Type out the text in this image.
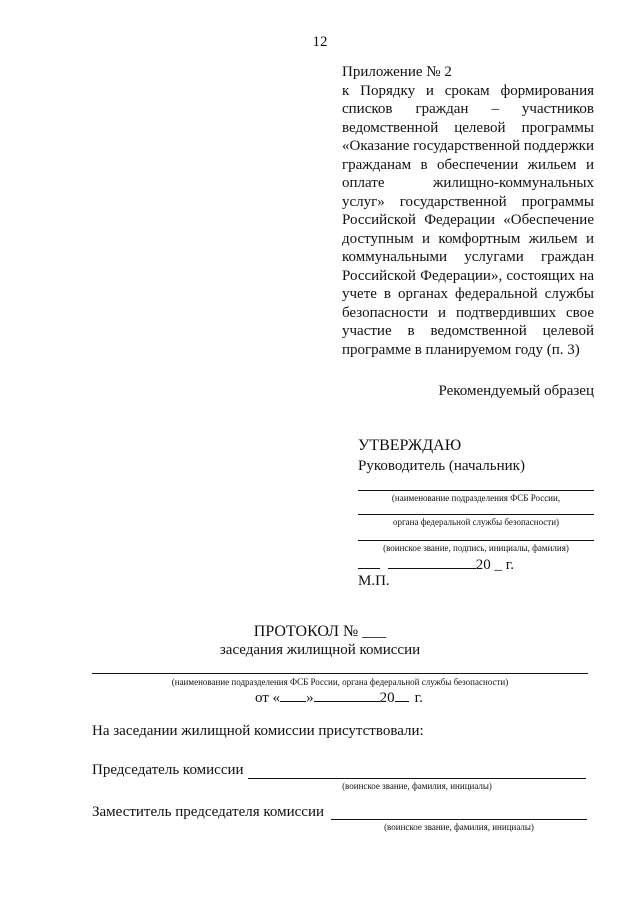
12
Приложение № 2
к Порядку и срокам формирования списков граждан – участников ведомственной целевой программы «Оказание государственной поддержки гражданам в обеспечении жильем и оплате жилищно-коммунальных услуг» государственной программы Российской Федерации «Обеспечение доступным и комфортным жильем и коммунальными услугами граждан Российской Федерации», состоящих на учете в органах федеральной службы безопасности и подтвердивших свое участие в ведомственной целевой программе в планируемом году (п. 3)
Рекомендуемый образец
УТВЕРЖДАЮ
Руководитель (начальник)
(наименование подразделения ФСБ России,
органа федеральной службы безопасности)
(воинское звание, подпись, инициалы, фамилия)
20 _ г.
М.П.
ПРОТОКОЛ № ___
заседания жилищной комиссии
(наименование подразделения ФСБ России, органа федеральной службы безопасности)
от « »	20 г.
На заседании жилищной комиссии присутствовали:
Председатель комиссии
(воинское звание, фамилия, инициалы)
Заместитель председателя комиссии
(воинское звание, фамилия, инициалы)
